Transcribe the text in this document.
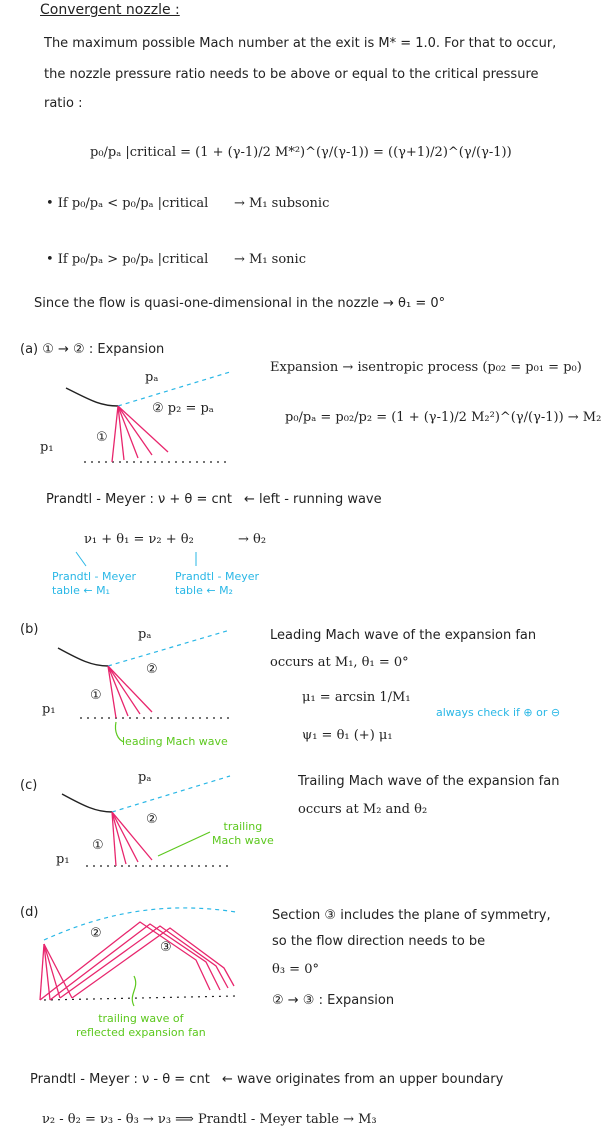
Convergent nozzle :
The maximum possible Mach number at the exit is M* = 1.0. For that to occur,
the nozzle pressure ratio needs to be above or equal to the critical pressure
ratio :
p₀/pₐ |critical = (1 + (γ-1)/2 M*²)^(γ/(γ-1)) = ((γ+1)/2)^(γ/(γ-1))
• If p₀/pₐ < p₀/pₐ |critical → M₁ subsonic
• If p₀/pₐ > p₀/pₐ |critical → M₁ sonic
Since the flow is quasi-one-dimensional in the nozzle → θ₁ = 0°
(a) ① → ② : Expansion
pₐ
② p₂ = pₐ
p₁
①
Expansion → isentropic process (p₀₂ = p₀₁ = p₀)
p₀/pₐ = p₀₂/p₂ = (1 + (γ-1)/2 M₂²)^(γ/(γ-1)) → M₂
Prandtl - Meyer : ν + θ = cnt ← left - running wave
ν₁ + θ₁ = ν₂ + θ₂	→ θ₂
Prandtl - Meyer
table ← M₁
Prandtl - Meyer
table ← M₂
(b)	pₐ
p₁
①
②
leading Mach wave
Leading Mach wave of the expansion fan
occurs at M₁, θ₁ = 0°
μ₁ = arcsin 1/M₁
ψ₁ = θ₁ (+) μ₁
always check if ⊕ or ⊖
(c)
pₐ
p₁
①
②	trailing
Mach wave
Trailing Mach wave of the expansion fan
occurs at M₂ and θ₂
(d)
②
③
trailing wave of
reflected expansion fan
Section ③ includes the plane of symmetry,
so the flow direction needs to be
θ₃ = 0°
② → ③ : Expansion
Prandtl - Meyer : ν - θ = cnt ← wave originates from an upper boundary
ν₂ - θ₂ = ν₃ - θ₃ → ν₃ ⟹ Prandtl - Meyer table → M₃
